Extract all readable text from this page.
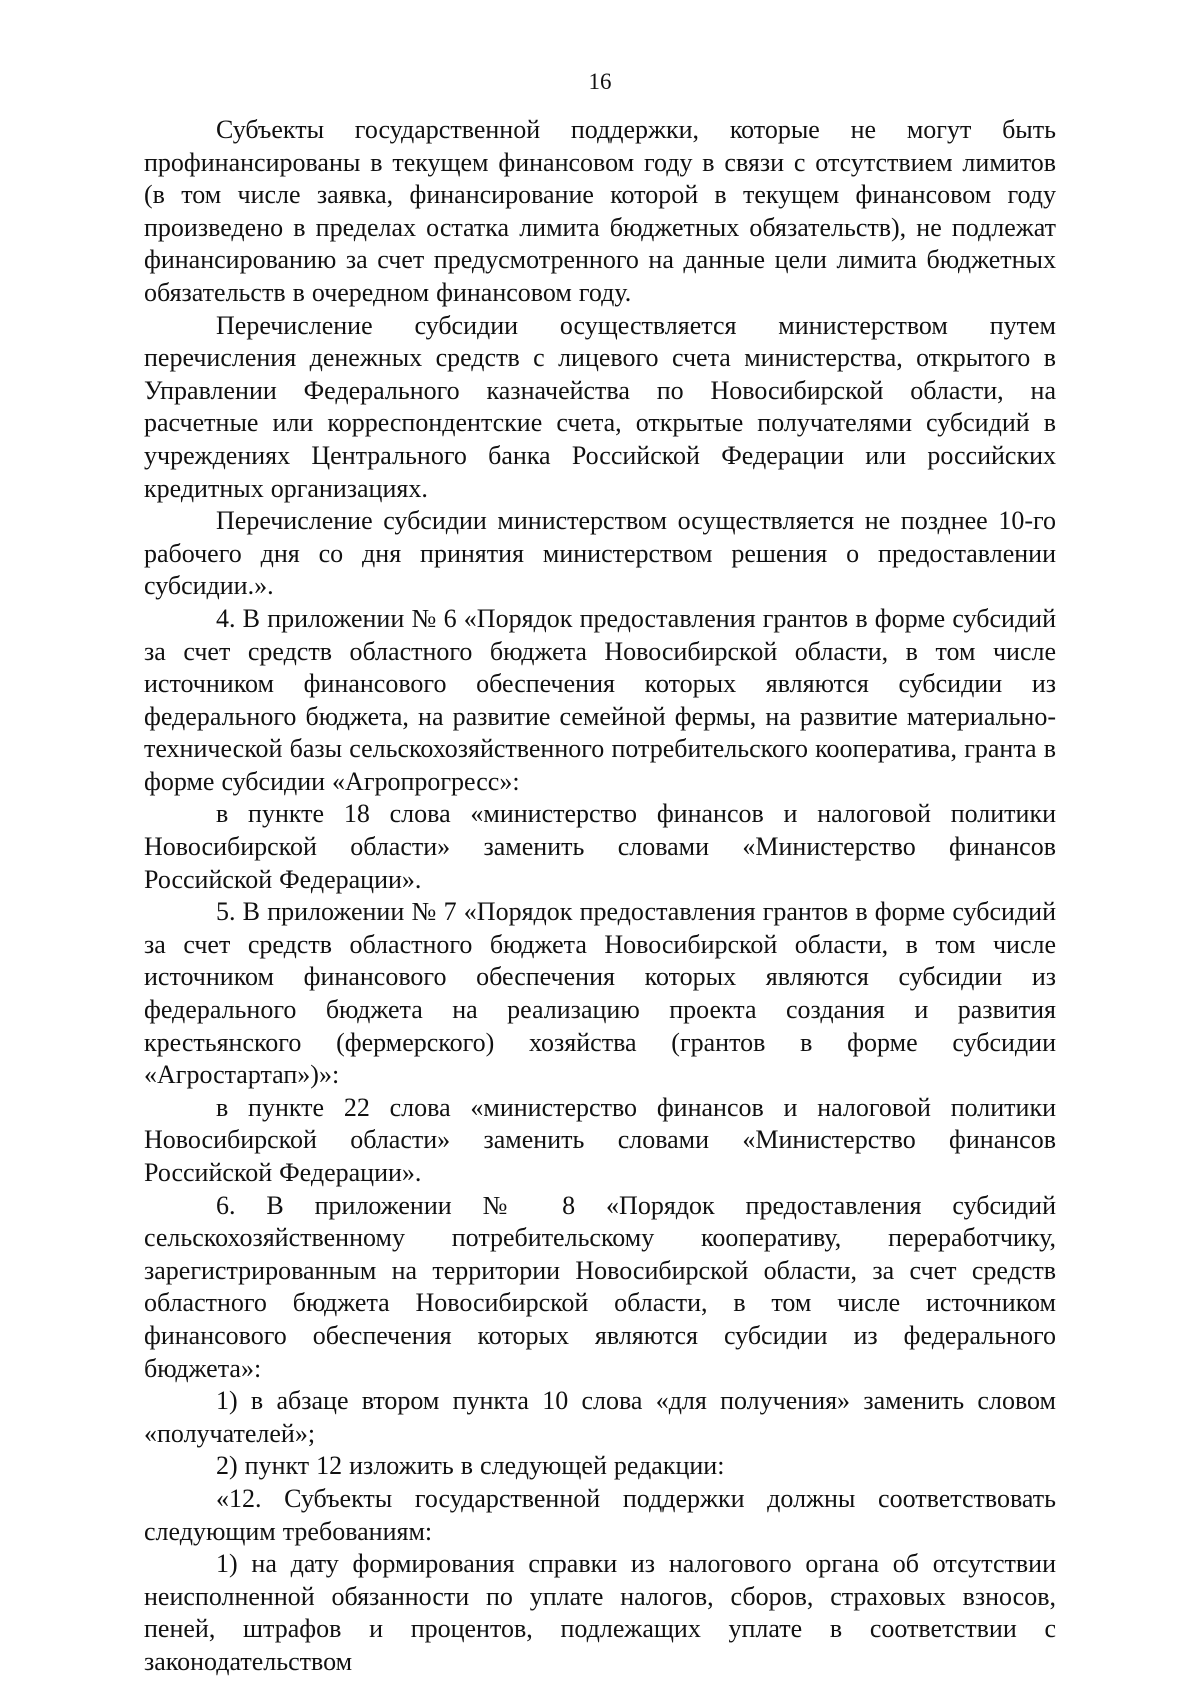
16

Субъекты государственной поддержки, которые не могут быть профинансированы в текущем финансовом году в связи с отсутствием лимитов (в том числе заявка, финансирование которой в текущем финансовом году произведено в пределах остатка лимита бюджетных обязательств), не подлежат финансированию за счет предусмотренного на данные цели лимита бюджетных обязательств в очередном финансовом году.

Перечисление субсидии осуществляется министерством путем перечисления денежных средств с лицевого счета министерства, открытого в Управлении Федерального казначейства по Новосибирской области, на расчетные или корреспондентские счета, открытые получателями субсидий в учреждениях Центрального банка Российской Федерации или российских кредитных организациях.

Перечисление субсидии министерством осуществляется не позднее 10-го рабочего дня со дня принятия министерством решения о предоставлении субсидии.».

4. В приложении № 6 «Порядок предоставления грантов в форме субсидий за счет средств областного бюджета Новосибирской области, в том числе источником финансового обеспечения которых являются субсидии из федерального бюджета, на развитие семейной фермы, на развитие материально-технической базы сельскохозяйственного потребительского кооператива, гранта в форме субсидии «Агропрогресс»:

в пункте 18 слова «министерство финансов и налоговой политики Новосибирской области» заменить словами «Министерство финансов Российской Федерации».

5. В приложении № 7 «Порядок предоставления грантов в форме субсидий за счет средств областного бюджета Новосибирской области, в том числе источником финансового обеспечения которых являются субсидии из федерального бюджета на реализацию проекта создания и развития крестьянского (фермерского) хозяйства (грантов в форме субсидии «Агростартап»)»:

в пункте 22 слова «министерство финансов и налоговой политики Новосибирской области» заменить словами «Министерство финансов Российской Федерации».

6. В приложении № 8 «Порядок предоставления субсидий сельскохозяйственному потребительскому кооперативу, переработчику, зарегистрированным на территории Новосибирской области, за счет средств областного бюджета Новосибирской области, в том числе источником финансового обеспечения которых являются субсидии из федерального бюджета»:

1) в абзаце втором пункта 10 слова «для получения» заменить словом «получателей»;

2) пункт 12 изложить в следующей редакции:

«12. Субъекты государственной поддержки должны соответствовать следующим требованиям:

1) на дату формирования справки из налогового органа об отсутствии неисполненной обязанности по уплате налогов, сборов, страховых взносов, пеней, штрафов и процентов, подлежащих уплате в соответствии с законодательством
